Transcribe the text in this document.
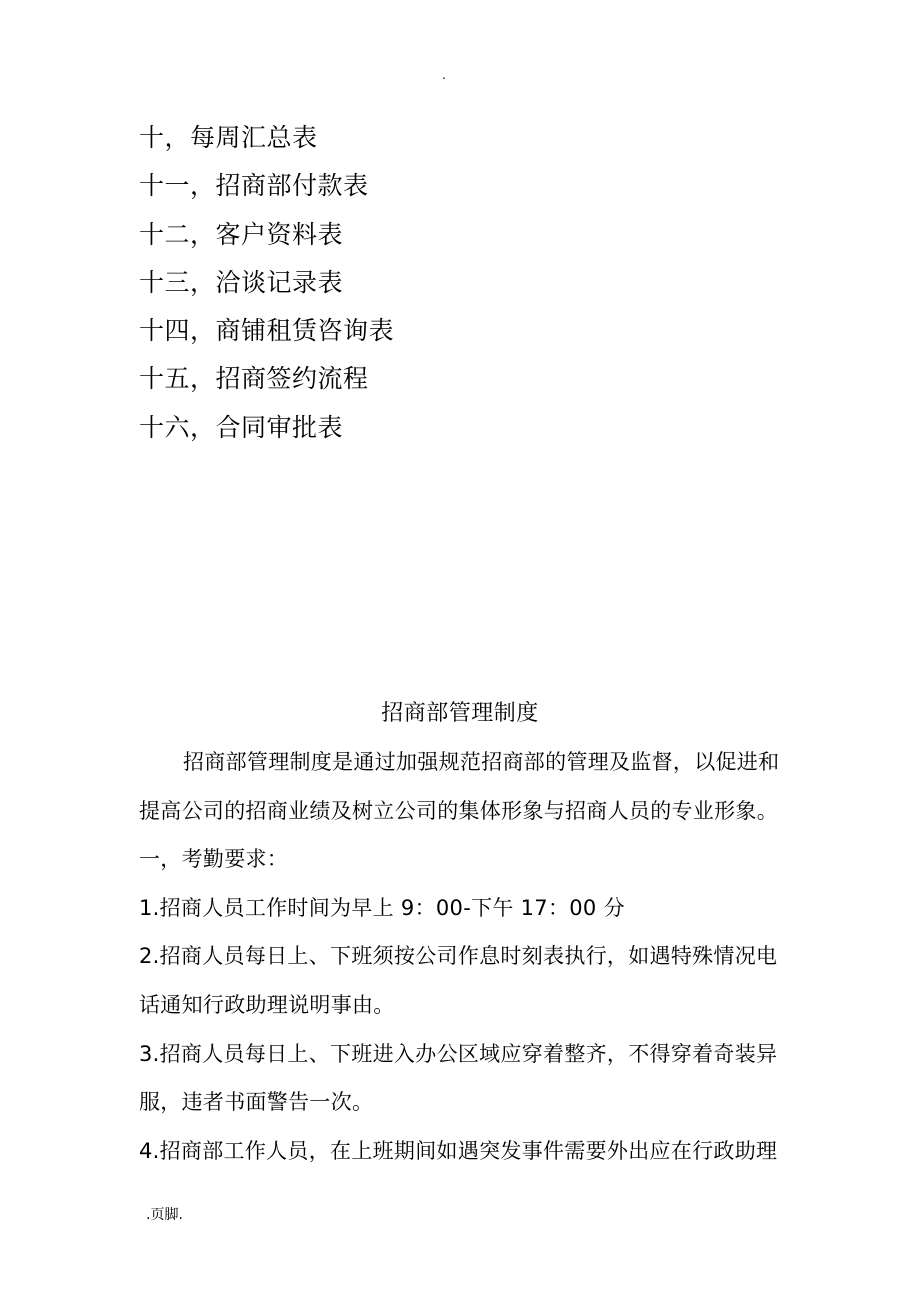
.
十，每周汇总表
十一，招商部付款表
十二，客户资料表
十三，洽谈记录表
十四，商铺租赁咨询表
十五，招商签约流程
十六，合同审批表
招商部管理制度
招商部管理制度是通过加强规范招商部的管理及监督，以促进和
提高公司的招商业绩及树立公司的集体形象与招商人员的专业形象。
一，考勤要求：
1.招商人员工作时间为早上 9：00-下午 17：00 分
2.招商人员每日上、下班须按公司作息时刻表执行，如遇特殊情况电
话通知行政助理说明事由。
3.招商人员每日上、下班进入办公区域应穿着整齐，不得穿着奇装异
服，违者书面警告一次。
4.招商部工作人员，在上班期间如遇突发事件需要外出应在行政助理
.页脚.
